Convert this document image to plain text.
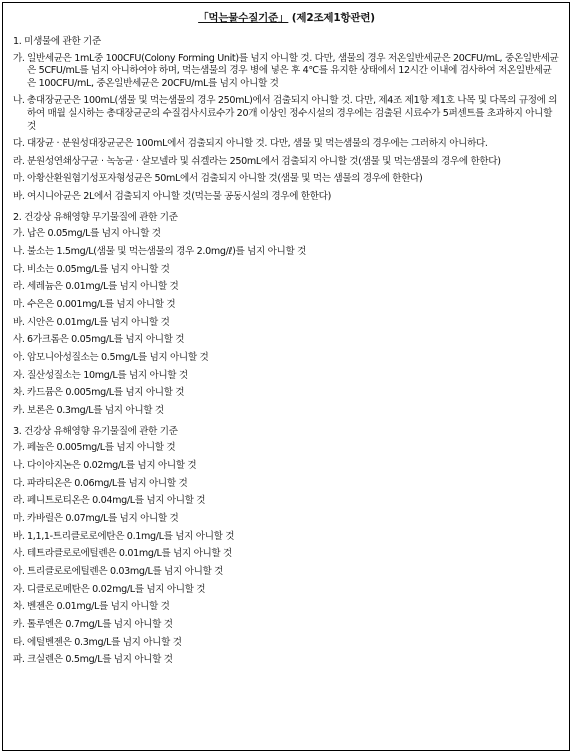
「먹는물수질기준」 (제2조제1항관련)
1. 미생물에 관한 기준
가. 일반세균은 1mL중 100CFU(Colony Forming Unit)를 넘지 아니할 것. 다만, 샘물의 경우 저온일반세균은 20CFU/mL, 중온일반세균은 5CFU/mL를 넘지 아니하여야 하며, 먹는샘물의 경우 병에 넣은 후 4℃를 유지한 상태에서 12시간 이내에 검사하여 저온일반세균은 100CFU/mL, 중온일반세균은 20CFU/mL를 넘지 아니할 것
나. 총대장균군은 100mL(샘물 및 먹는샘물의 경우 250mL)에서 검출되지 아니할 것. 다만, 제4조 제1항 제1호 나목 및 다목의 규정에 의하여 매월 실시하는 총대장균군의 수질검사시료수가 20개 이상인 정수시설의 경우에는 검출된 시료수가 5퍼센트를 초과하지 아니할 것
다. 대장균 · 분원성대장균군은 100mL에서 검출되지 아니할 것. 다만, 샘물 및 먹는샘물의 경우에는 그러하지 아니하다.
라. 분원성연쇄상구균 · 녹농균 · 살모넬라 및 쉬겔라는 250mL에서 검출되지 아니할 것(샘물 및 먹는샘물의 경우에 한한다)
마. 아황산환원혐기성포자형성균은 50mL에서 검출되지 아니할 것(샘물 및 먹는 샘물의 경우에 한한다)
바. 여시니아균은 2L에서 검출되지 아니할 것(먹는물 공동시설의 경우에 한한다)
2. 건강상 유해영향 무기물질에 관한 기준
가. 납은 0.05mg/L를 넘지 아니할 것
나. 불소는 1.5mg/L(샘물 및 먹는샘물의 경우 2.0mg/ℓ)를 넘지 아니할 것
다. 비소는 0.05mg/L를 넘지 아니할 것
라. 세레늄은 0.01mg/L를 넘지 아니할 것
마. 수은은 0.001mg/L를 넘지 아니할 것
바. 시안은 0.01mg/L를 넘지 아니할 것
사. 6가크롬은 0.05mg/L를 넘지 아니할 것
아. 암모니아성질소는 0.5mg/L를 넘지 아니할 것
자. 질산성질소는 10mg/L를 넘지 아니할 것
차. 카드뮴은 0.005mg/L를 넘지 아니할 것
카. 보론은 0.3mg/L를 넘지 아니할 것
3. 건강상 유해영향 유기물질에 관한 기준
가. 페놀은 0.005mg/L를 넘지 아니할 것
나. 다이아지논은 0.02mg/L를 넘지 아니할 것
다. 파라티온은 0.06mg/L를 넘지 아니할 것
라. 페니트로티온은 0.04mg/L를 넘지 아니할 것
마. 카바릴은 0.07mg/L를 넘지 아니할 것
바. 1,1,1-트리클로로에탄은 0.1mg/L를 넘지 아니할 것
사. 테트라클로로에틸렌은 0.01mg/L를 넘지 아니할 것
아. 트리클로로에틸렌은 0.03mg/L를 넘지 아니할 것
자. 디클로로메탄은 0.02mg/L를 넘지 아니할 것
차. 벤젠은 0.01mg/L를 넘지 아니할 것
카. 톨루엔은 0.7mg/L를 넘지 아니할 것
타. 에틸벤젠은 0.3mg/L를 넘지 아니할 것
파. 크실렌은 0.5mg/L를 넘지 아니할 것
